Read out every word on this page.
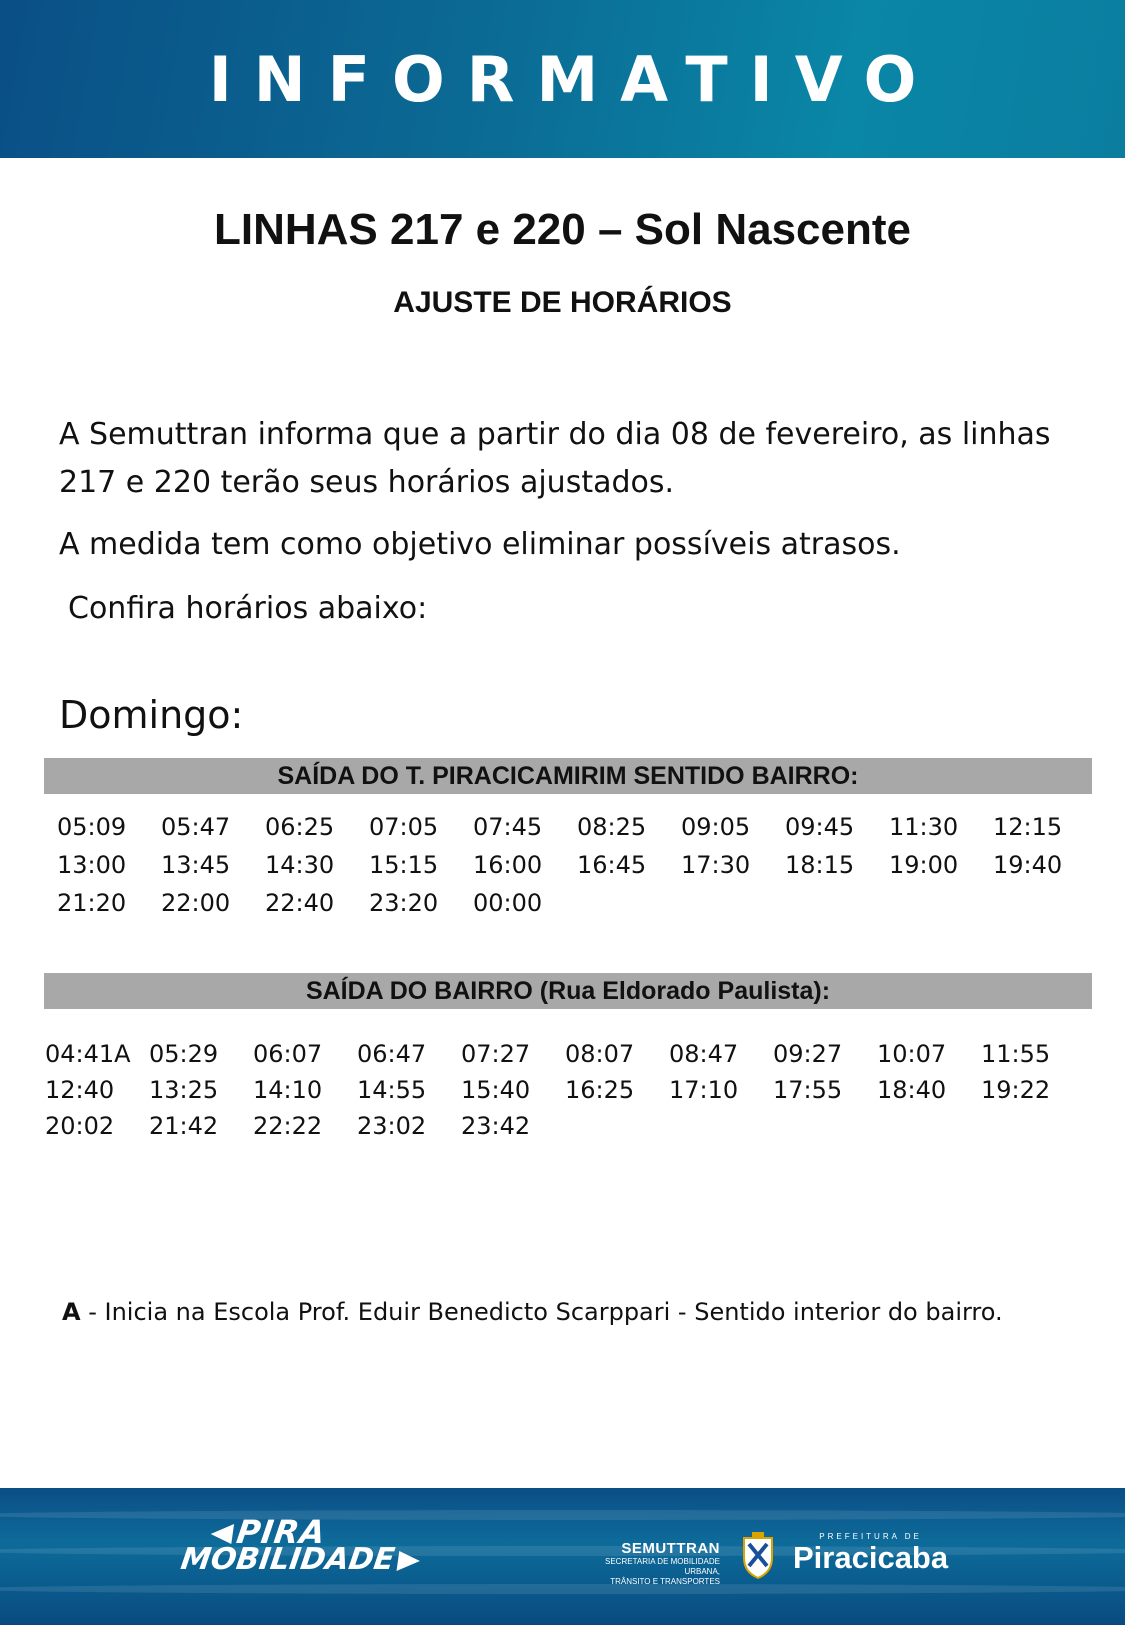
INFORMATIVO
LINHAS 217 e 220 – Sol Nascente
AJUSTE DE HORÁRIOS
A Semuttran informa que a partir do dia 08 de fevereiro, as linhas 217 e 220 terão seus horários ajustados.
A medida tem como objetivo eliminar possíveis atrasos.
Confira horários abaixo:
Domingo:
SAÍDA DO T. PIRACICAMIRIM SENTIDO BAIRRO:
05:09	05:47	06:25	07:05	07:45	08:25	09:05	09:45	11:30	12:15
13:00	13:45	14:30	15:15	16:00	16:45	17:30	18:15	19:00	19:40
21:20	22:00	22:40	23:20	00:00
SAÍDA DO BAIRRO (Rua Eldorado Paulista):
04:41A 05:29	06:07	06:47	07:27	08:07	08:47	09:27	10:07	11:55
12:40	13:25	14:10	14:55	15:40	16:25	17:10	17:55	18:40	19:22
20:02	21:42	22:22	23:02	23:42
A - Inicia na Escola Prof. Eduir Benedicto Scarppari - Sentido interior do bairro.
PIRA
MOBILIDADE	SEMUTTRAN
SECRETARIA DE MOBILIDADE URBANA,
TRÂNSITO E TRANSPORTES
PREFEITURA DE
Piracicaba
